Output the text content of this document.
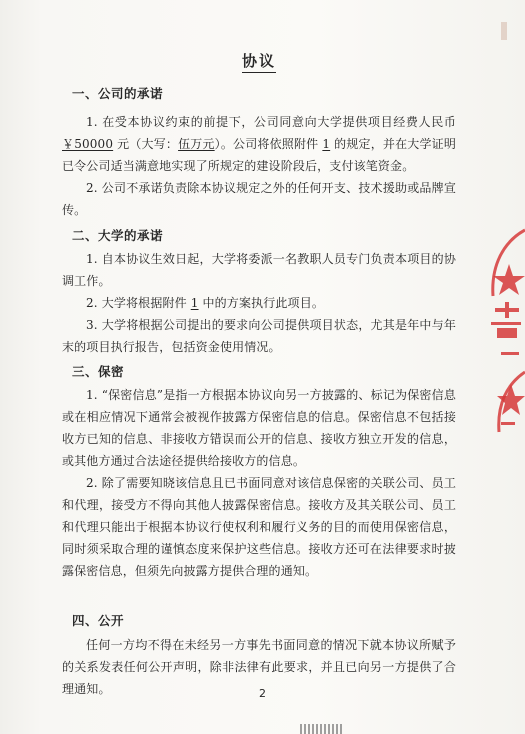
协议
一、公司的承诺
1. 在受本协议约束的前提下，公司同意向大学提供项目经费人民币￥50000 元（大写：伍万元）。公司将依照附件 1 的规定，并在大学证明已令公司适当满意地实现了所规定的建设阶段后，支付该笔资金。
2. 公司不承诺负责除本协议规定之外的任何开支、技术援助或品牌宣传。
二、大学的承诺
1. 自本协议生效日起，大学将委派一名教职人员专门负责本项目的协调工作。
2. 大学将根据附件 1 中的方案执行此项目。
3. 大学将根据公司提出的要求向公司提供项目状态，尤其是年中与年末的项目执行报告，包括资金使用情况。
三、保密
1. “保密信息”是指一方根据本协议向另一方披露的、标记为保密信息或在相应情况下通常会被视作披露方保密信息的信息。保密信息不包括接收方已知的信息、非接收方错误而公开的信息、接收方独立开发的信息，或其他方通过合法途径提供给接收方的信息。
2. 除了需要知晓该信息且已书面同意对该信息保密的关联公司、员工和代理，接受方不得向其他人披露保密信息。接收方及其关联公司、员工和代理只能出于根据本协议行使权利和履行义务的目的而使用保密信息，同时须采取合理的谨慎态度来保护这些信息。接收方还可在法律要求时披露保密信息，但须先向披露方提供合理的通知。
四、公开
任何一方均不得在未经另一方事先书面同意的情况下就本协议所赋予的关系发表任何公开声明，除非法律有此要求，并且已向另一方提供了合理通知。	2
